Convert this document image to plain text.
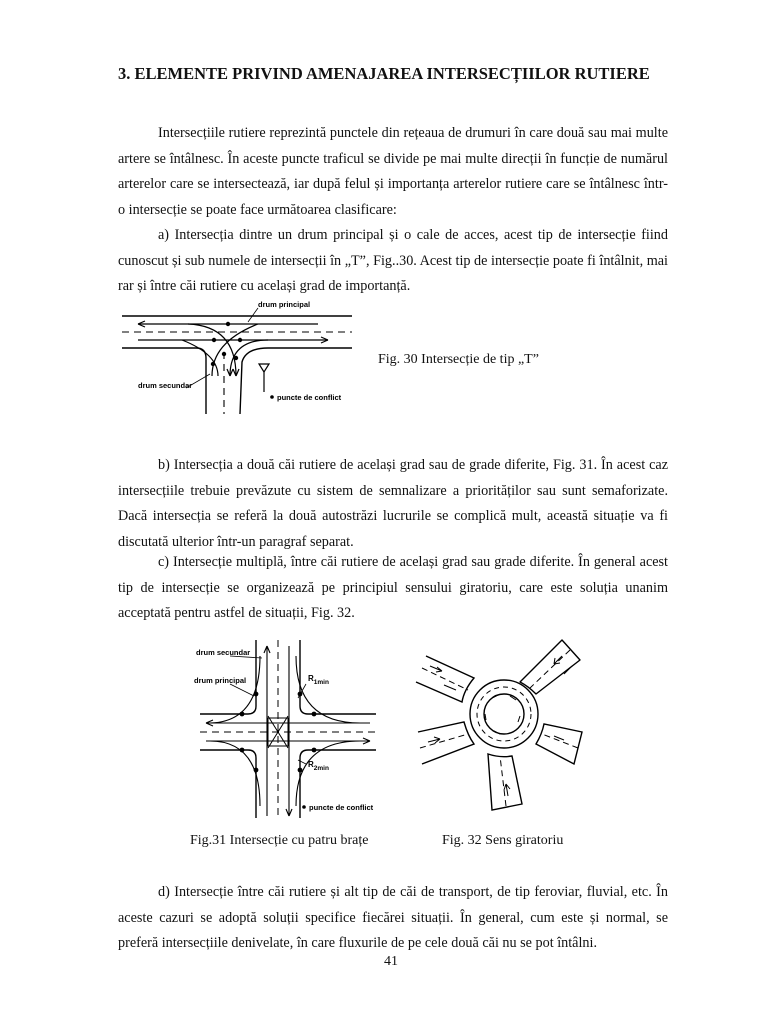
3. ELEMENTE PRIVIND AMENAJAREA INTERSECȚIILOR RUTIERE
Intersecțiile rutiere reprezintă punctele din rețeaua de drumuri în care două sau mai multe artere se întâlnesc. În aceste puncte traficul se divide pe mai multe direcții în funcție de numărul arterelor care se intersectează, iar după felul și importanța arterelor rutiere care se întâlnesc într-o intersecție se poate face următoarea clasificare:
a) Intersecția dintre un drum principal și o cale de acces, acest tip de intersecție fiind cunoscut și sub numele de intersecții în „T”, Fig..30. Acest tip de intersecție poate fi întâlnit, mai rar și între căi rutiere cu același grad de importanță.
drum principal
drum secundar
puncte de conflict
Fig. 30 Intersecție de tip „T”
b) Intersecția a două căi rutiere de același grad sau de grade diferite, Fig. 31. În acest caz intersecțiile trebuie prevăzute cu sistem de semnalizare a priorităților sau sunt semaforizate. Dacă intersecția se referă la două autostrăzi lucrurile se complică mult, această situație va fi discutată ulterior într-un paragraf separat.
c) Intersecție multiplă, între căi rutiere de același grad sau grade diferite. În general acest tip de intersecție se organizează pe principiul sensului giratoriu, care este soluția unanim acceptată pentru astfel de situații, Fig. 32.
drum secundar
drum principal	$R_{1min}$
$R_{2min}$
puncte de conflict
Fig.31 Intersecție cu patru brațe	Fig. 32 Sens giratoriu
d) Intersecție între căi rutiere și alt tip de căi de transport, de tip feroviar, fluvial, etc. În aceste cazuri se adoptă soluții specifice fiecărei situații. În general, cum este și normal, se preferă intersecțiile denivelate, în care fluxurile de pe cele două căi nu se pot întâlni.
41
